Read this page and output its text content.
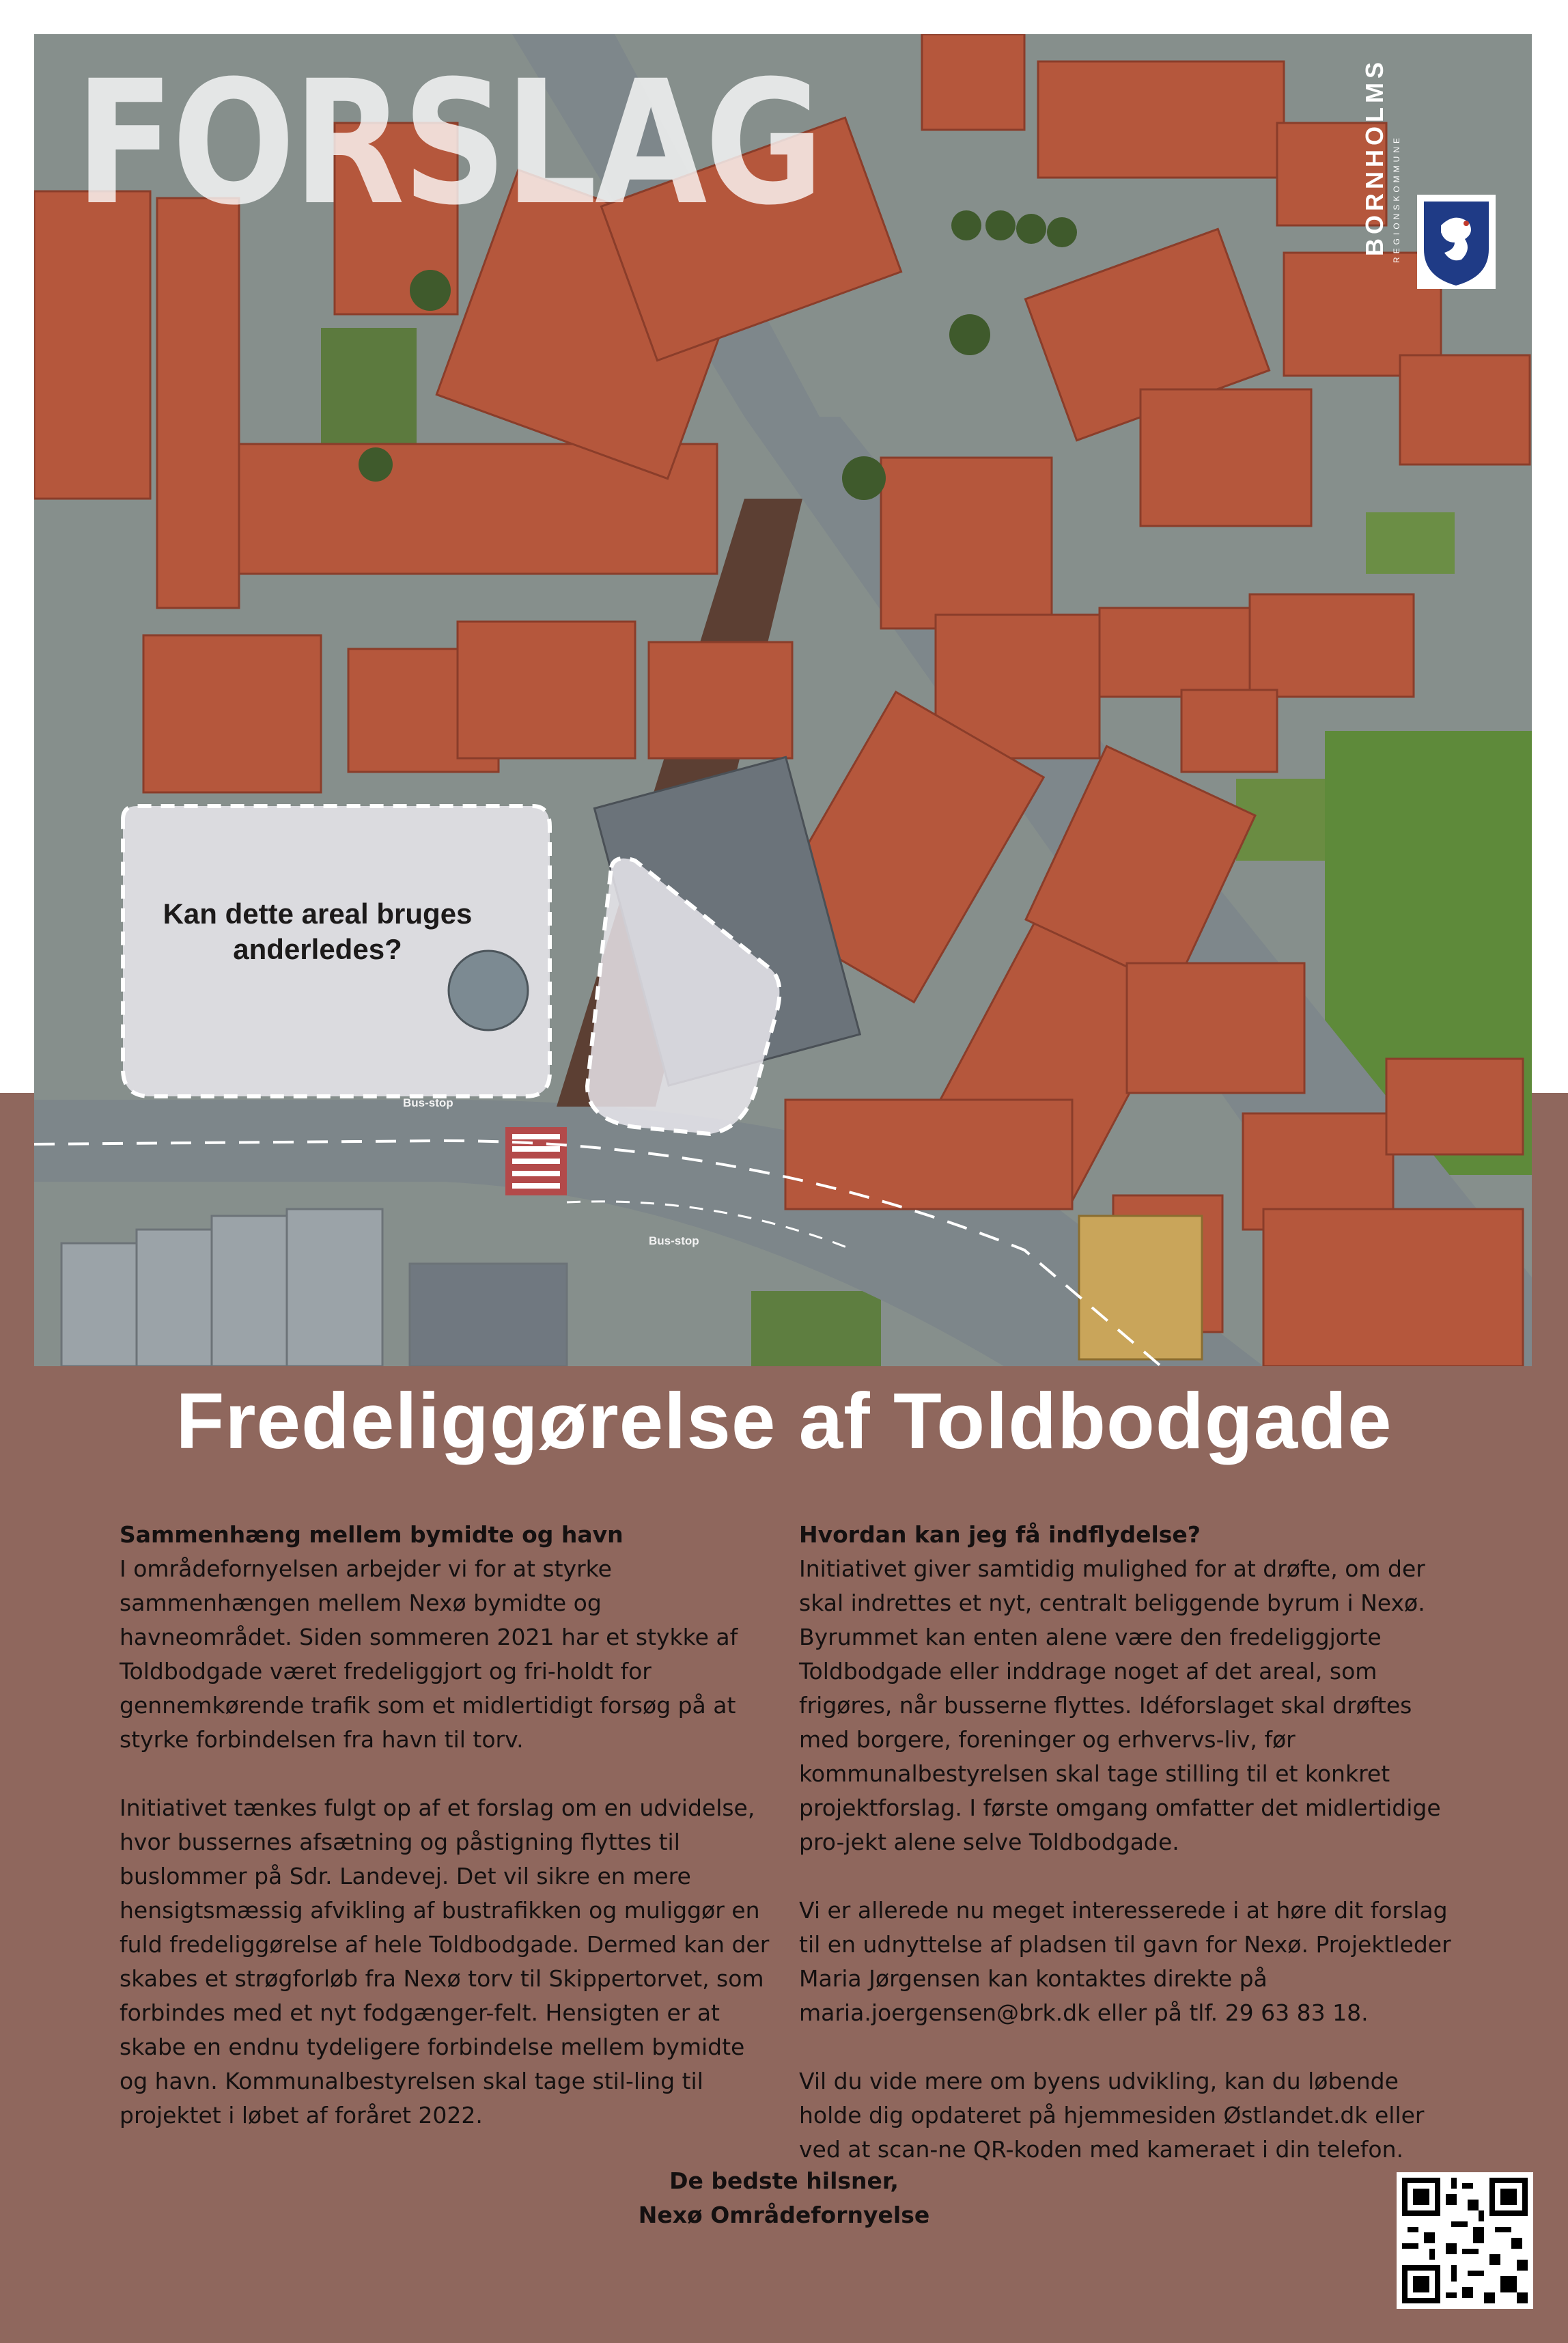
FORSLAG
Kan dette areal bruges anderledes?
Bus-stop
Bus-stop
BORNHOLMS REGIONSKOMMUNE
Fredeliggørelse af Toldbodgade
Sammenhæng mellem bymidte og havn

I områdefornyelsen arbejder vi for at styrke sammenhængen mellem Nexø bymidte og havneområdet. Siden sommeren 2021 har et stykke af Toldbodgade været fredeliggjort og fri-holdt for gennemkørende trafik som et midlertidigt forsøg på at styrke forbindelsen fra havn til torv.

Initiativet tænkes fulgt op af et forslag om en udvidelse, hvor bussernes afsætning og påstigning flyttes til buslommer på Sdr. Landevej. Det vil sikre en mere hensigtsmæssig afvikling af bustrafikken og muliggør en fuld fredeliggørelse af hele Toldbodgade. Dermed kan der skabes et strøgforløb fra Nexø torv til Skippertorvet, som forbindes med et nyt fodgænger-felt. Hensigten er at skabe en endnu tydeligere forbindelse mellem bymidte og havn. Kommunalbestyrelsen skal tage stil-ling til projektet i løbet af foråret 2022.

Hvordan kan jeg få indflydelse?

Initiativet giver samtidig mulighed for at drøfte, om der skal indrettes et nyt, centralt beliggende byrum i Nexø. Byrummet kan enten alene være den fredeliggjorte Toldbodgade eller inddrage noget af det areal, som frigøres, når busserne flyttes. Idéforslaget skal drøftes med borgere, foreninger og erhvervs-liv, før kommunalbestyrelsen skal tage stilling til et konkret projektforslag. I første omgang omfatter det midlertidige pro-jekt alene selve Toldbodgade.

Vi er allerede nu meget interesserede i at høre dit forslag til en udnyttelse af pladsen til gavn for Nexø. Projektleder Maria Jørgensen kan kontaktes direkte på maria.joergensen@brk.dk eller på tlf. 29 63 83 18.

Vil du vide mere om byens udvikling, kan du løbende holde dig opdateret på hjemmesiden Østlandet.dk eller ved at scan-ne QR-koden med kameraet i din telefon.

De bedste hilsner,
Nexø Områdefornyelse
